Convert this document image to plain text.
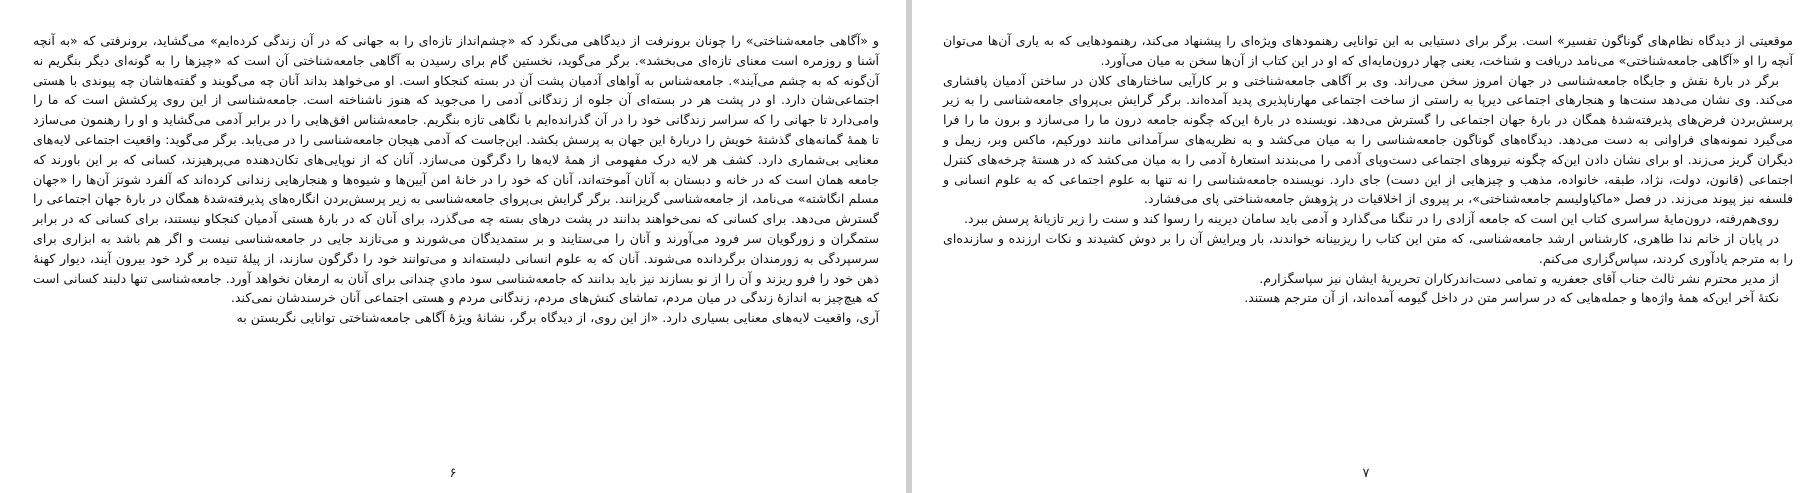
و «آگاهی جامعه‌شناختی» را چونان برونرفت از دیدگاهی می‌نگرد که «چشم‌انداز تازه‌ای را به جهانی که در آن زندگی کرده‌ایم» می‌گشاید، برونرفتی که «به آنچه آشنا و روزمره است معنای تازه‌ای می‌بخشد». برگر می‌گوید، نخستین گام برای رسیدن به آگاهی جامعه‌شناختی آن است که «چیزها را به گونه‌ای دیگر بنگریم نه آن‌گونه که به چشم می‌آیند». جامعه‌شناس به آواهای آدمیان پشت آن در بسته کنجکاو است. او می‌خواهد بداند آنان چه می‌گویند و گفته‌هاشان چه پیوندی با هستی اجتماعی‌شان دارد. او در پشت هر در بسته‌ای آن جلوه از زندگانی آدمی را می‌جوید که هنوز ناشناخته است. جامعه‌شناسی از این روی پرکشش است که ما را وامی‌دارد تا جهانی را که سراسر زندگانی خود را در آن گذرانده‌ایم با نگاهی تازه بنگریم. جامعه‌شناس افق‌هایی را در برابر آدمی می‌گشاید و او را رهنمون می‌سازد تا همهٔ گمانه‌های گذشتهٔ خویش را دربارهٔ این جهان به پرسش بکشد. این‌جاست که آدمی هیجان جامعه‌شناسی را در می‌یابد. برگر می‌گوید: واقعیت اجتماعی لایه‌های معنایی بی‌شماری دارد. کشف هر لایه درک مفهومی از همهٔ لایه‌ها را دگرگون می‌سازد. آنان که از نوپایی‌های تکان‌دهنده می‌پرهیزند، کسانی که بر این باورند که جامعه همان است که در خانه و دبستان به آنان آموخته‌اند، آنان که خود را در خانهٔ امن آیین‌ها و شیوه‌ها و هنجارهایی زندانی کرده‌اند که آلفرد شوتز آن‌ها را «جهان مسلم انگاشته» می‌نامد، از جامعه‌شناسی گریزانند. برگر گرایش بی‌پروای جامعه‌شناسی به زیر پرسش‌بردن انگاره‌های پذیرفته‌شدهٔ همگان در بارهٔ جهان اجتماعی را گسترش می‌دهد. برای کسانی که نمی‌خواهند بدانند در پشت درهای بسته چه می‌گذرد، برای آنان که در بارهٔ هستی آدمیان کنجکاو نیستند، برای کسانی که در برابر ستمگران و زورگویان سر فرود می‌آورند و آنان را می‌ستایند و بر ستمدیدگان می‌شورند و می‌تازند جایی در جامعه‌شناسی نیست و اگر هم باشد به ابزاری برای سرسپردگی به زورمندان برگردانده می‌شوند. آنان که به علوم انسانی دلبسته‌اند و می‌توانند خود را دگرگون سازند، از پیلهٔ تنیده بر گرد خود بیرون آیند، دیوار کهنهٔ ذهن خود را فرو ریزند و آن را از نو بسازند نیز باید بدانند که جامعه‌شناسی سود مادیِ چندانی برای آنان به ارمغان نخواهد آورد. جامعه‌شناسی تنها دلبند کسانی است که هیچ‌چیز به اندازهٔ زندگی در میان مردم، تماشای کنش‌های مردم، زندگانی مردم و هستی اجتماعی آنان خرسندشان نمی‌کند.

آری، واقعیت لایه‌های معنایی بسیاری دارد. «از این روی، از دیدگاه برگر، نشانهٔ ویژهٔ آگاهی جامعه‌شناختی توانایی نگریستن به

۶

موقعیتی از دیدگاه نظام‌های گوناگون تفسیر» است. برگر برای دستیابی به این توانایی رهنمودهای ویژه‌ای را پیشنهاد می‌کند، رهنمودهایی که به یاری آن‌ها می‌توان آنچه را او «آگاهی جامعه‌شناختی» می‌نامد دریافت و شناخت، یعنی چهار درون‌مایه‌ای که او در این کتاب از آن‌ها سخن به میان می‌آورد.

برگر در بارهٔ نقش و جایگاه جامعه‌شناسی در جهان امروز سخن می‌راند. وی بر آگاهی جامعه‌شناختی و بر کارآیی ساختارهای کلان در ساختن آدمیان پافشاری می‌کند. وی نشان می‌دهد سنت‌ها و هنجارهای اجتماعی دیرپا به راستی از ساخت اجتماعی مهارناپذیری پدید آمده‌اند. برگر گرایش بی‌پروای جامعه‌شناسی را به زیر پرسش‌بردن فرض‌های پذیرفته‌شدهٔ همگان در بارهٔ جهان اجتماعی را گسترش می‌دهد. نویسنده در بارهٔ این‌که چگونه جامعه درون ما را می‌سازد و برون ما را فرا می‌گیرد نمونه‌های فراوانی به دست می‌دهد. دیدگاه‌های گوناگون جامعه‌شناسی را به میان می‌کشد و به نظریه‌های سرآمدانی مانند دورکیم، ماکس وبر، زیمل و دیگران گریز می‌زند. او برای نشان دادن این‌که چگونه نیروهای اجتماعی دست‌وپای آدمی را می‌بندند استعارهٔ آدمی را به میان می‌کشد که در هستهٔ چرخه‌های کنترل اجتماعی (قانون، دولت، نژاد، طبقه، خانواده، مذهب و چیزهایی از این دست) جای دارد. نویسنده جامعه‌شناسی را نه تنها به علوم اجتماعی که به علوم انسانی و فلسفه نیز پیوند می‌زند. در فصل «ماکیاولیسم جامعه‌شناختی»، بر پیروی از اخلاقیات در پژوهش جامعه‌شناختی پای می‌فشارد.

روی‌هم‌رفته، درون‌مایهٔ سراسری کتاب این است که جامعه آزادی را در تنگنا می‌گذارد و آدمی باید سامان دیرینه را رسوا کند و سنت را زیر تازیانهٔ پرسش ببرد.

در پایان از خانم ندا طاهری، کارشناس ارشد جامعه‌شناسی، که متن این کتاب را ریزبینانه خواندند، بار ویرایش آن را بر دوش کشیدند و نکات ارزنده و سازنده‌ای را به مترجم یادآوری کردند، سپاس‌گزاری می‌کنم.

از مدیر محترم نشر ثالث جناب آقای جعفریه و تمامی دست‌اندرکاران تحریریهٔ ایشان نیز سپاسگزارم.

نکتهٔ آخر این‌که همهٔ واژه‌ها و جمله‌هایی که در سراسر متن در داخل گیومه آمده‌اند، از آن مترجم هستند.

۷
